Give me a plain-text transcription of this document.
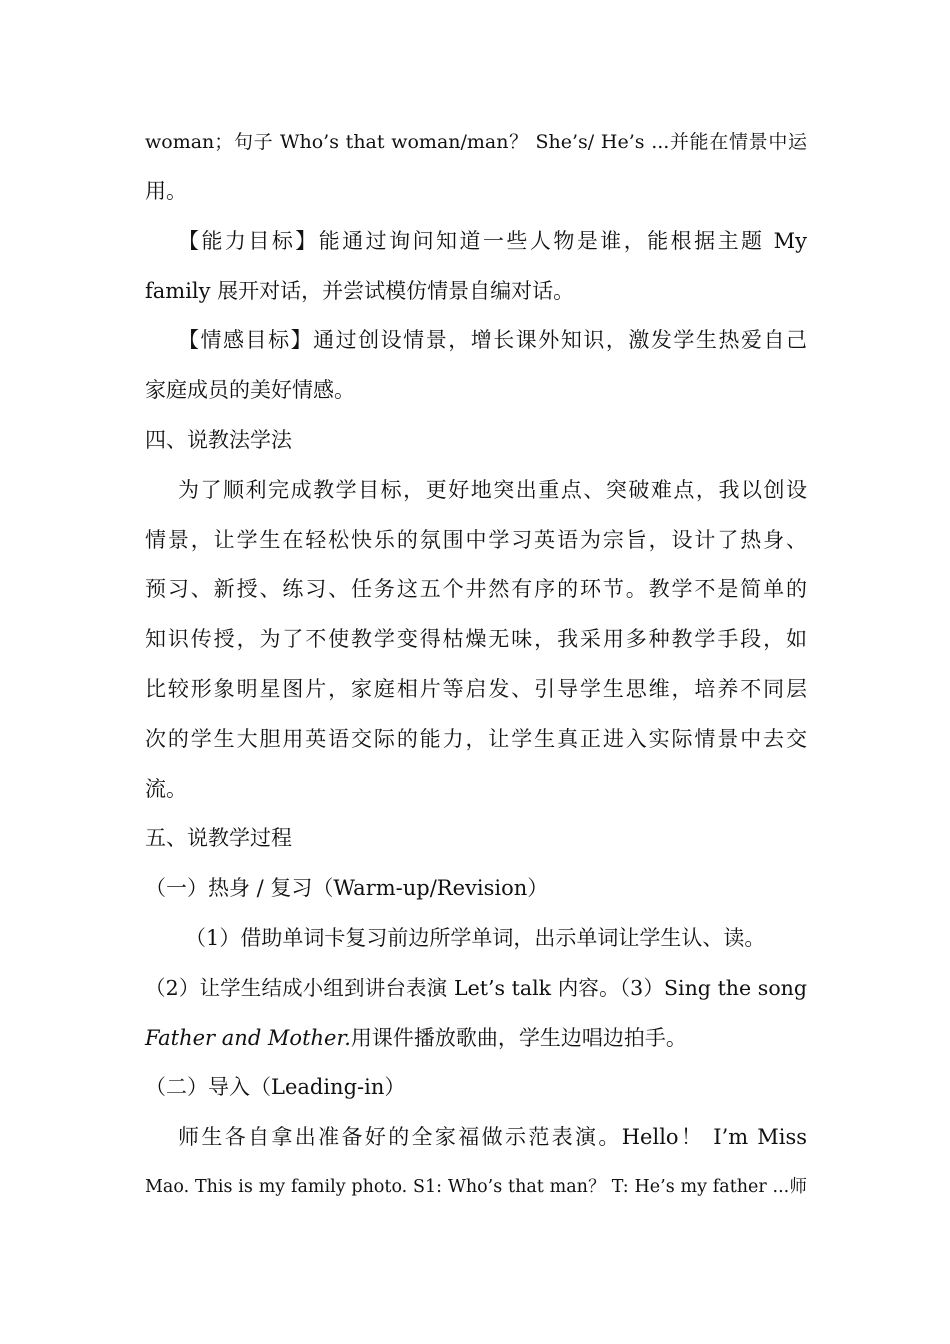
woman；句子 Who’s that woman/man？ She’s/ He’s ...并能在情景中运
用。
【能力目标】能通过询问知道一些人物是谁，能根据主题 My
family 展开对话，并尝试模仿情景自编对话。
【情感目标】通过创设情景，增长课外知识，激发学生热爱自己
家庭成员的美好情感。
四、说教法学法
为了顺利完成教学目标，更好地突出重点、突破难点，我以创设
情景，让学生在轻松快乐的氛围中学习英语为宗旨，设计了热身、
预习、新授、练习、任务这五个井然有序的环节。教学不是简单的
知识传授，为了不使教学变得枯燥无味，我采用多种教学手段，如
比较形象明星图片，家庭相片等启发、引导学生思维，培养不同层
次的学生大胆用英语交际的能力，让学生真正进入实际情景中去交
流。
五、说教学过程
（一）热身 / 复习（Warm-up/Revision）
（1）借助单词卡复习前边所学单词，出示单词让学生认、读。
（2）让学生结成小组到讲台表演 Let’s talk 内容。（3）Sing the song
Father and Mother.用课件播放歌曲，学生边唱边拍手。
（二）导入（Leading-in）
师生各自拿出准备好的全家福做示范表演。Hello！ I’m Miss
Mao. This is my family photo. S1: Who’s that man？ T: He’s my father ...师
